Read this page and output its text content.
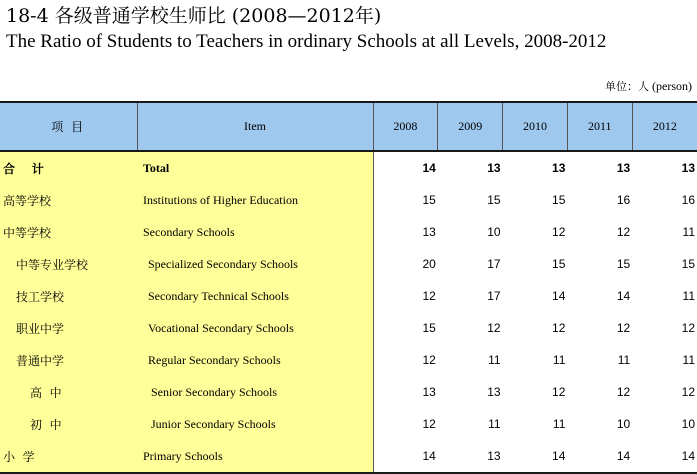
18-4 各级普通学校生师比 (2008—2012年)
The Ratio of Students to Teachers in ordinary Schools at all Levels, 2008-2012
单位：人 (person)
项 目	Item	2008	2009	2010	2011	2012
合    计	Total	14	13	13	13	13
高等学校	Institutions of Higher Education	15	15	15	16	16
中等学校	Secondary Schools	13	10	12	12	11
中等专业学校	Specialized Secondary Schools	20	17	15	15	15
技工学校	Secondary Technical Schools	12	17	14	14	11
职业中学	Vocational Secondary Schools	15	12	12	12	12
普通中学	Regular Secondary Schools	12	11	11	11	11
高  中	Senior Secondary Schools	13	13	12	12	12
初  中	Junior Secondary Schools	12	11	11	10	10
小  学	Primary Schools	14	13	14	14	14
